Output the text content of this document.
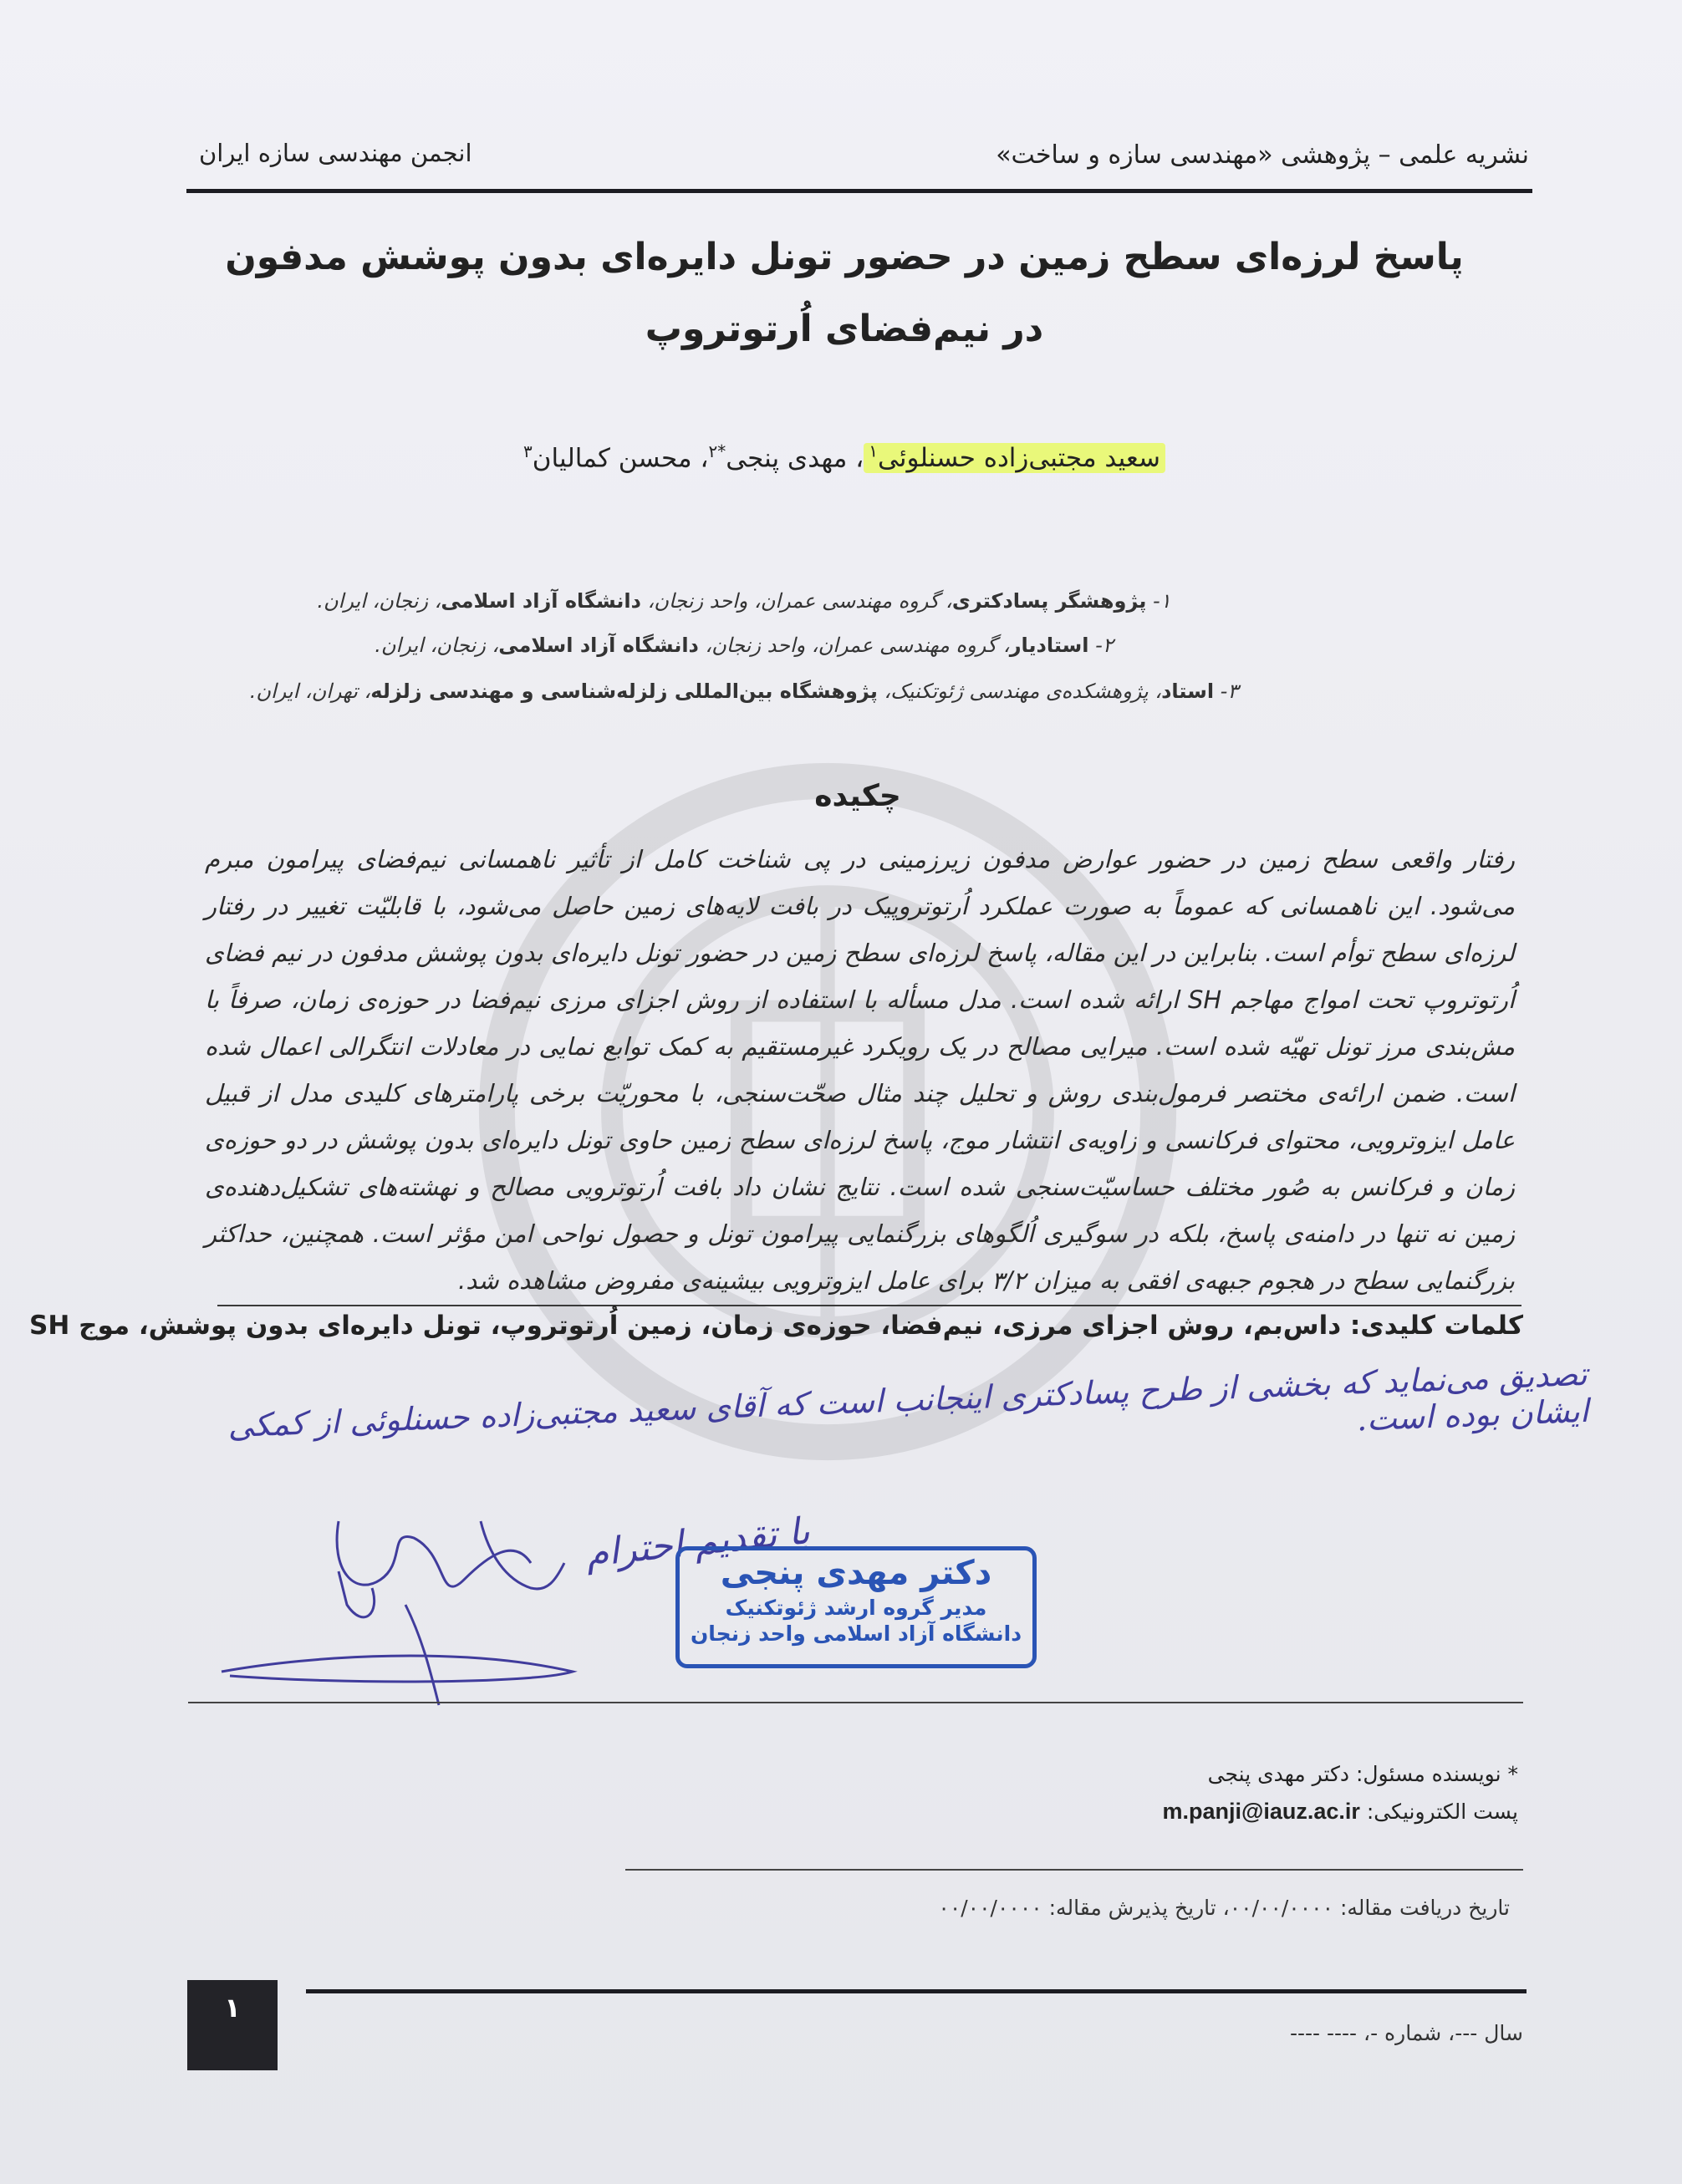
نشریه علمی – پژوهشی «مهندسی سازه و ساخت»
انجمن مهندسی سازه ایران
پاسخ لرزه‌ای سطح زمین در حضور تونل دایره‌ای بدون پوشش مدفون
در نیم‌فضای اُرتوتروپ
سعید مجتبی‌زاده حسنلوئی$^۱$، مهدی پنجی$^{*۲}$، محسن کمالیان$^۳$
۱- پژوهشگر پسادکتری، گروه مهندسی عمران، واحد زنجان، دانشگاه آزاد اسلامی، زنجان، ایران.
۲- استادیار، گروه مهندسی عمران، واحد زنجان، دانشگاه آزاد اسلامی، زنجان، ایران.
۳- استاد، پژوهشکده‌ی مهندسی ژئوتکنیک، پژوهشگاه بین‌المللی زلزله‌شناسی و مهندسی زلزله، تهران، ایران.
چکیده
رفتار واقعی سطح زمین در حضور عوارض مدفون زیرزمینی در پی شناخت کامل از تأثیر ناهمسانی نیم‌فضای پیرامون مبرم می‌شود. این ناهمسانی که عموماً به صورت عملکرد اُرتوتروپیک در بافت لایه‌های زمین حاصل می‌شود، با قابلیّت تغییر در رفتار لرزه‌ای سطح توأم است. بنابراین در این مقاله، پاسخ لرزه‌ای سطح زمین در حضور تونل دایره‌ای بدون پوشش مدفون در نیم فضای اُرتوتروپ تحت امواج مهاجم SH ارائه شده است. مدل مسأله با استفاده از روش اجزای مرزی نیم‌فضا در حوزه‌ی زمان، صرفاً با مش‌بندی مرز تونل تهیّه شده است. میرایی مصالح در یک رویکرد غیرمستقیم به کمک توابع نمایی در معادلات انتگرالی اعمال شده است. ضمن ارائه‌ی مختصر فرمول‌بندی روش و تحلیل چند مثال صحّت‌سنجی، با محوریّت برخی پارامترهای کلیدی مدل از قبیل عامل ایزوترویی، محتوای فرکانسی و زاویه‌ی انتشار موج، پاسخ لرزه‌ای سطح زمین حاوی تونل دایره‌ای بدون پوشش در دو حوزه‌ی زمان و فرکانس به صُور مختلف حساسیّت‌سنجی شده است. نتایج نشان داد بافت اُرتوترویی مصالح و نهشته‌های تشکیل‌دهنده‌ی زمین نه تنها در دامنه‌ی پاسخ، بلکه در سوگیری اُلگوهای بزرگنمایی پیرامون تونل و حصول نواحی امن مؤثر است. همچنین، حداکثر بزرگنمایی سطح در هجوم جبهه‌ی افقی به میزان ۳/۲ برای عامل ایزوترویی بیشینه‌ی مفروض مشاهده شد.
کلمات کلیدی: داس‌بم، روش اجزای مرزی، نیم‌فضا، حوزه‌ی زمان، زمین اُرتوتروپ، تونل دایره‌ای بدون پوشش، موج SH
تصدیق می‌نماید که بخشی از طرح پسادکتری اینجانب است که آقای سعید مجتبی‌زاده حسنلوئی از کمکی ایشان بوده است.
با تقدیم احترام
دکتر مهدی پنجی
مدیر گروه ارشد ژئوتکنیک
دانشگاه آزاد اسلامی واحد زنجان
* نویسنده مسئول: دکتر مهدی پنجی
پست الکترونیکی: m.panji@iauz.ac.ir
تاریخ دریافت مقاله: ۰۰/۰۰/۰۰۰۰، تاریخ پذیرش مقاله: ۰۰/۰۰/۰۰۰۰
۱
سال ---، شماره -، ---- ----
